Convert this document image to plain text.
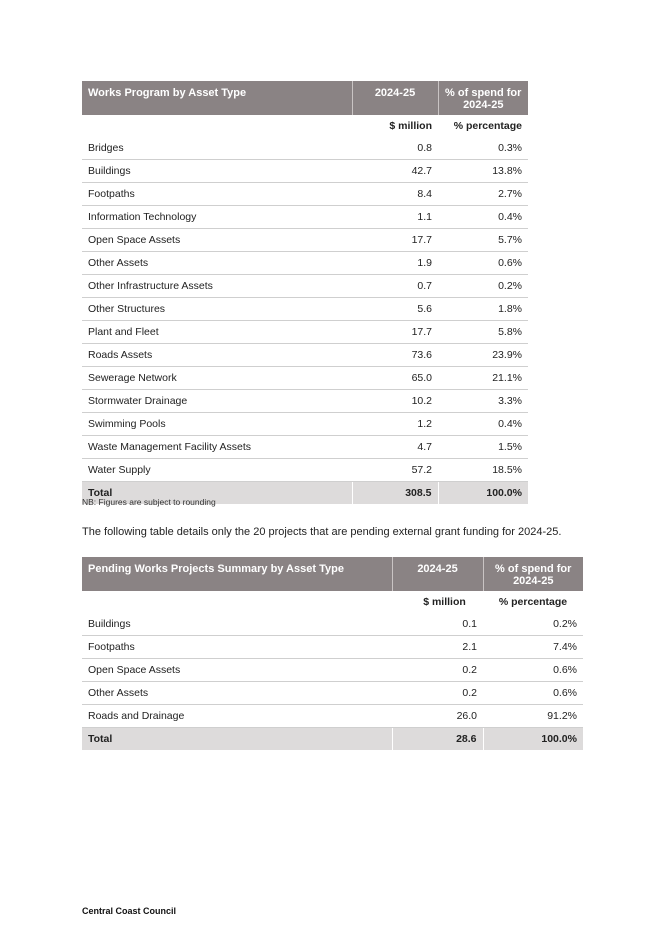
Works Program by Asset Type	2024-25	% of spend for 2024-25
	$ million	% percentage
Bridges	0.8	0.3%
Buildings	42.7	13.8%
Footpaths	8.4	2.7%
Information Technology	1.1	0.4%
Open Space Assets	17.7	5.7%
Other Assets	1.9	0.6%
Other Infrastructure Assets	0.7	0.2%
Other Structures	5.6	1.8%
Plant and Fleet	17.7	5.8%
Roads Assets	73.6	23.9%
Sewerage Network	65.0	21.1%
Stormwater Drainage	10.2	3.3%
Swimming Pools	1.2	0.4%
Waste Management Facility Assets	4.7	1.5%
Water Supply	57.2	18.5%
Total	308.5	100.0%
NB: Figures are subject to rounding
The following table details only the 20 projects that are pending external grant funding for 2024-25.
Pending Works Projects Summary by Asset Type	2024-25	% of spend for 2024-25
	$ million	% percentage
Buildings	0.1	0.2%
Footpaths	2.1	7.4%
Open Space Assets	0.2	0.6%
Other Assets	0.2	0.6%
Roads and Drainage	26.0	91.2%
Total	28.6	100.0%
Central Coast Council
